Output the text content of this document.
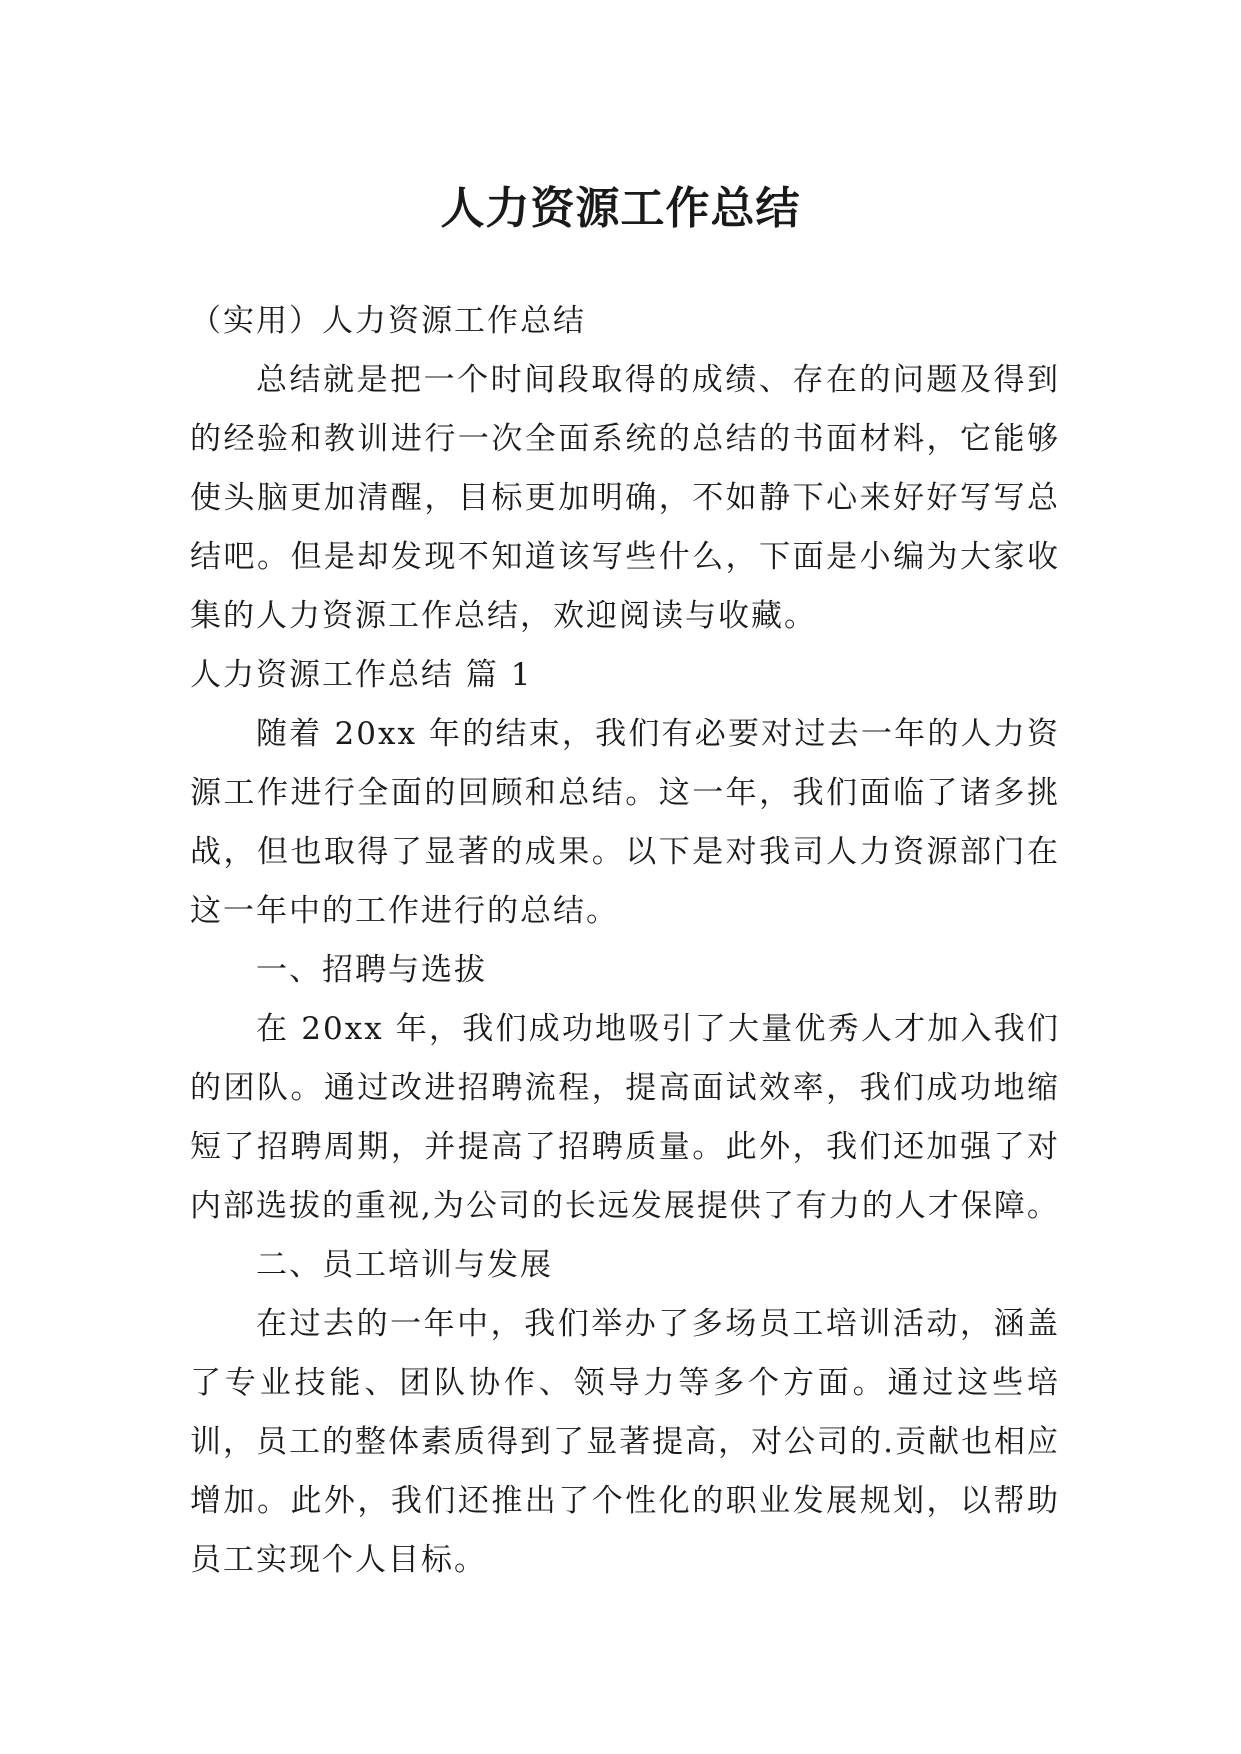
人力资源工作总结

（实用）人力资源工作总结

总结就是把一个时间段取得的成绩、存在的问题及得到的经验和教训进行一次全面系统的总结的书面材料，它能够使头脑更加清醒，目标更加明确，不如静下心来好好写写总结吧。但是却发现不知道该写些什么，下面是小编为大家收集的人力资源工作总结，欢迎阅读与收藏。

人力资源工作总结 篇 1

随着 20xx 年的结束，我们有必要对过去一年的人力资源工作进行全面的回顾和总结。这一年，我们面临了诸多挑战，但也取得了显著的成果。以下是对我司人力资源部门在这一年中的工作进行的总结。

一、招聘与选拔

在 20xx 年，我们成功地吸引了大量优秀人才加入我们的团队。通过改进招聘流程，提高面试效率，我们成功地缩短了招聘周期，并提高了招聘质量。此外，我们还加强了对内部选拔的重视,为公司的长远发展提供了有力的人才保障。

二、员工培训与发展

在过去的一年中，我们举办了多场员工培训活动，涵盖了专业技能、团队协作、领导力等多个方面。通过这些培训，员工的整体素质得到了显著提高，对公司的.贡献也相应增加。此外，我们还推出了个性化的职业发展规划，以帮助员工实现个人目标。
